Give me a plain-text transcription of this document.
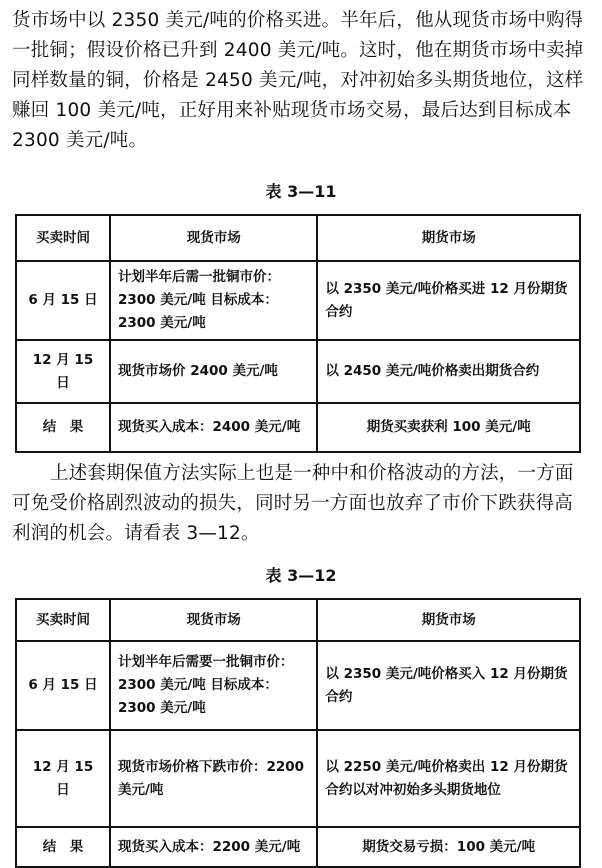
货市场中以 2350 美元/吨的价格买进。半年后，他从现货市场中购得一批铜；假设价格已升到 2400 美元/吨。这时，他在期货市场中卖掉同样数量的铜，价格是 2450 美元/吨，对冲初始多头期货地位，这样赚回 100 美元/吨，正好用来补贴现货市场交易，最后达到目标成本 2300 美元/吨。

表 3—11
买卖时间	现货市场	期货市场
6 月 15 日	计划半年后需一批铜市价：2300 美元/吨 目标成本：2300 美元/吨	以 2350 美元/吨价格买进 12 月份期货合约
12 月 15 日	现货市场价 2400 美元/吨	以 2450 美元/吨价格卖出期货合约
结　果	现货买入成本：2400 美元/吨	期货买卖获利 100 美元/吨

上述套期保值方法实际上也是一种中和价格波动的方法，一方面可免受价格剧烈波动的损失，同时另一方面也放弃了市价下跌获得高利润的机会。请看表 3—12。

表 3—12
买卖时间	现货市场	期货市场
6 月 15 日	计划半年后需要一批铜市价：2300 美元/吨 目标成本：2300 美元/吨	以 2350 美元/吨价格买入 12 月份期货合约
12 月 15 日	现货市场价格下跌市价：2200 美元/吨	以 2250 美元/吨价格卖出 12 月份期货合约以对冲初始多头期货地位
结　果	现货买入成本：2200 美元/吨	期货交易亏损：100 美元/吨
